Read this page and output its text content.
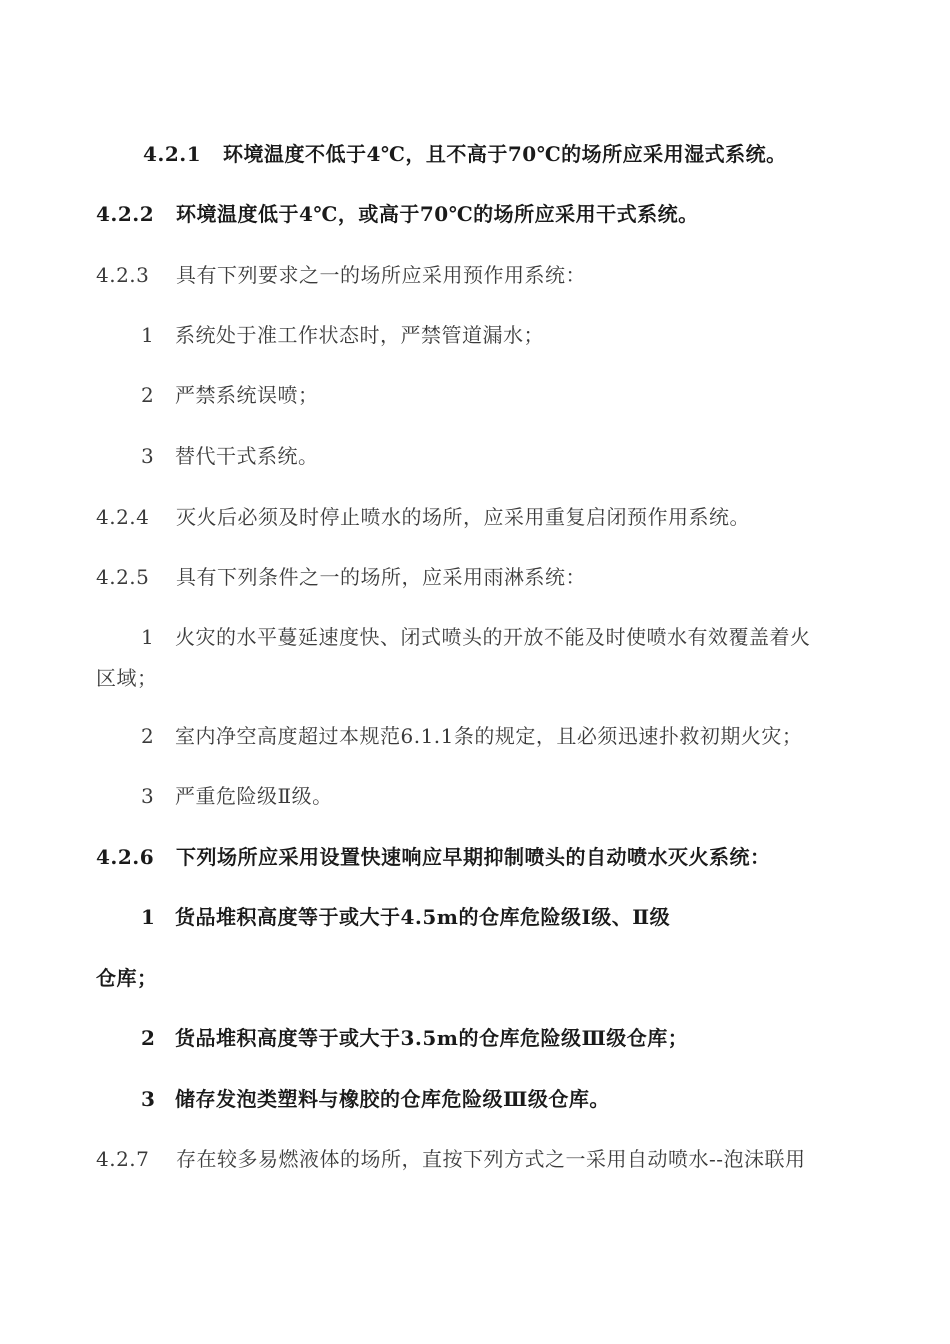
4.2.1 环境温度不低于4℃，且不高于70℃的场所应采用湿式系统。
4.2.2 环境温度低于4℃，或高于70℃的场所应采用干式系统。
4.2.3 具有下列要求之一的场所应采用预作用系统：
1 系统处于准工作状态时，严禁管道漏水；
2 严禁系统误喷；
3 替代干式系统。
4.2.4 灭火后必须及时停止喷水的场所，应采用重复启闭预作用系统。
4.2.5 具有下列条件之一的场所，应采用雨淋系统：
1 火灾的水平蔓延速度快、闭式喷头的开放不能及时使喷水有效覆盖着火
区域；
2 室内净空高度超过本规范6.1.1条的规定，且必须迅速扑救初期火灾；
3 严重危险级Ⅱ级。
4.2.6 下列场所应采用设置快速响应早期抑制喷头的自动喷水灭火系统：
1 货品堆积高度等于或大于4.5m的仓库危险级Ⅰ级、Ⅱ级
仓库；
2 货品堆积高度等于或大于3.5m的仓库危险级Ⅲ级仓库；
3 储存发泡类塑料与橡胶的仓库危险级Ⅲ级仓库。
4.2.7 存在较多易燃液体的场所，直按下列方式之一采用自动喷水--泡沫联用
